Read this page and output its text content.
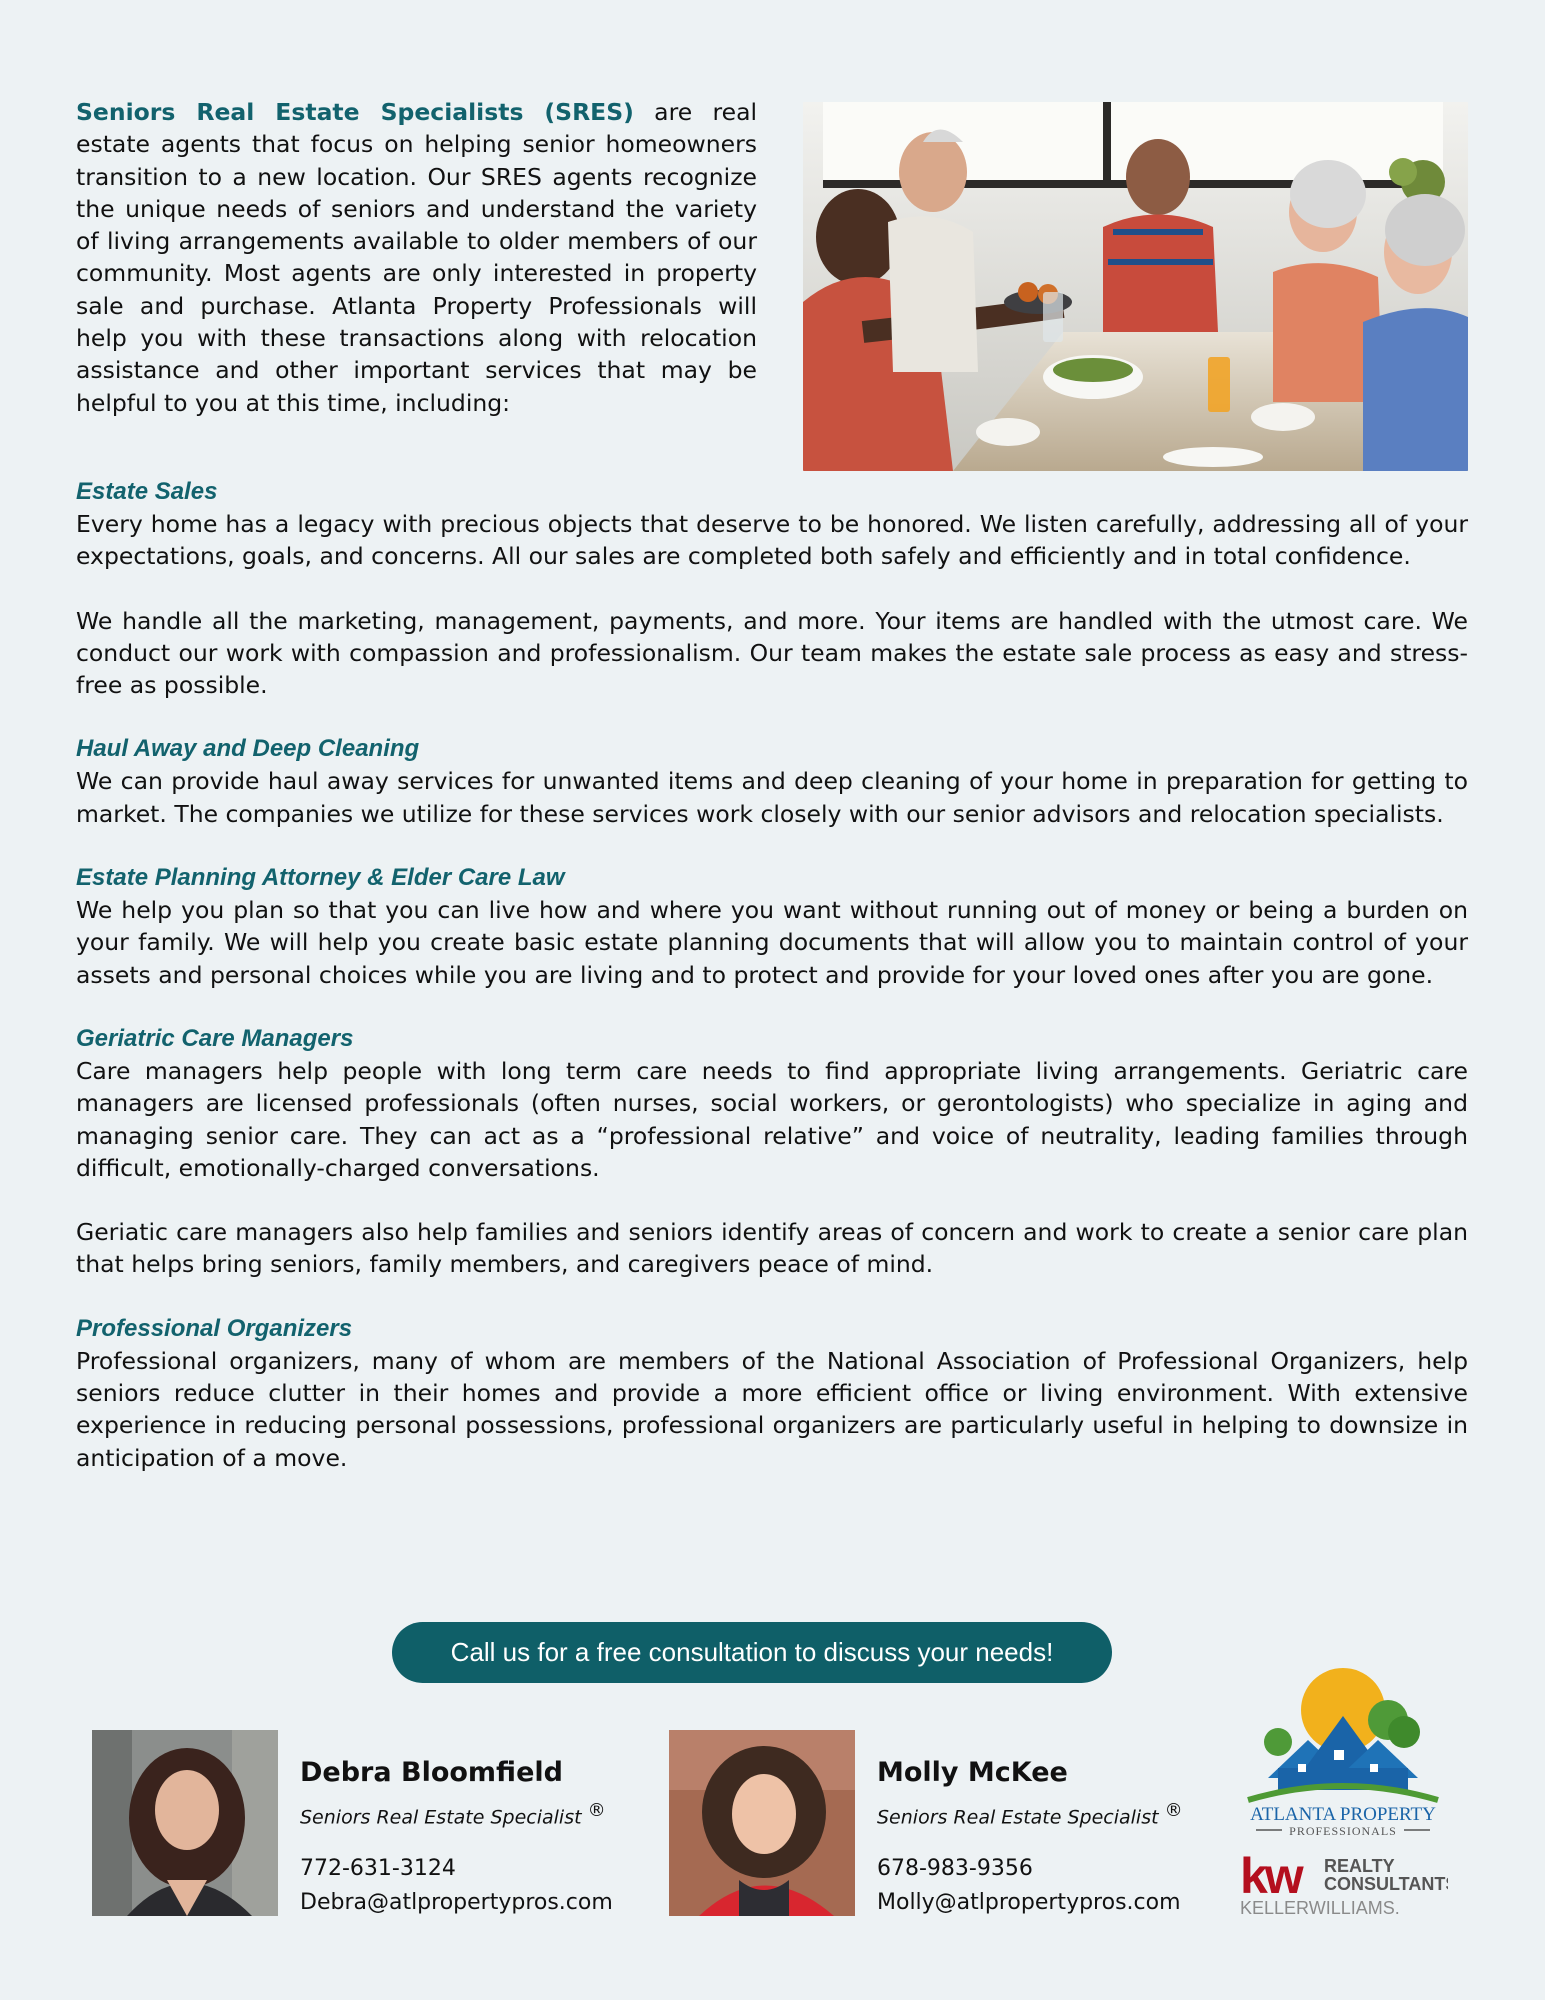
Seniors Real Estate Specialists (SRES) are real estate agents that focus on helping senior homeowners transition to a new location. Our SRES agents recognize the unique needs of seniors and understand the variety of living arrangements available to older members of our community. Most agents are only interested in property sale and purchase. Atlanta Property Professionals will help you with these transactions along with relocation assistance and other important services that may be helpful to you at this time, including:

Estate Sales

Every home has a legacy with precious objects that deserve to be honored. We listen carefully, addressing all of your expectations, goals, and concerns. All our sales are completed both safely and efficiently and in total confidence.

We handle all the marketing, management, payments, and more. Your items are handled with the utmost care. We conduct our work with compassion and professionalism. Our team makes the estate sale process as easy and stress-free as possible.

Haul Away and Deep Cleaning

We can provide haul away services for unwanted items and deep cleaning of your home in preparation for getting to market. The companies we utilize for these services work closely with our senior advisors and relocation specialists.

Estate Planning Attorney & Elder Care Law

We help you plan so that you can live how and where you want without running out of money or being a burden on your family. We will help you create basic estate planning documents that will allow you to maintain control of your assets and personal choices while you are living and to protect and provide for your loved ones after you are gone.

Geriatric Care Managers

Care managers help people with long term care needs to find appropriate living arrangements. Geriatric care managers are licensed professionals (often nurses, social workers, or gerontologists) who specialize in aging and managing senior care. They can act as a “professional relative” and voice of neutrality, leading families through difficult, emotionally-charged conversations.

Geriatic care managers also help families and seniors identify areas of concern and work to create a senior care plan that helps bring seniors, family members, and caregivers peace of mind.

Professional Organizers

Professional organizers, many of whom are members of the National Association of Professional Organizers, help seniors reduce clutter in their homes and provide a more efficient office or living environment. With extensive experience in reducing personal possessions, professional organizers are particularly useful in helping to downsize in anticipation of a move.

Call us for a free consultation to discuss your needs!
Debra Bloomfield
Seniors Real Estate Specialist ®
772-631-3124
Debra@atlpropertypros.com
Molly McKee
Seniors Real Estate Specialist ®
678-983-9356
Molly@atlpropertypros.com
ATLANTA PROPERTY
PROFESSIONALS
kw REALTY
CONSULTANTS
KELLERWILLIAMS.
